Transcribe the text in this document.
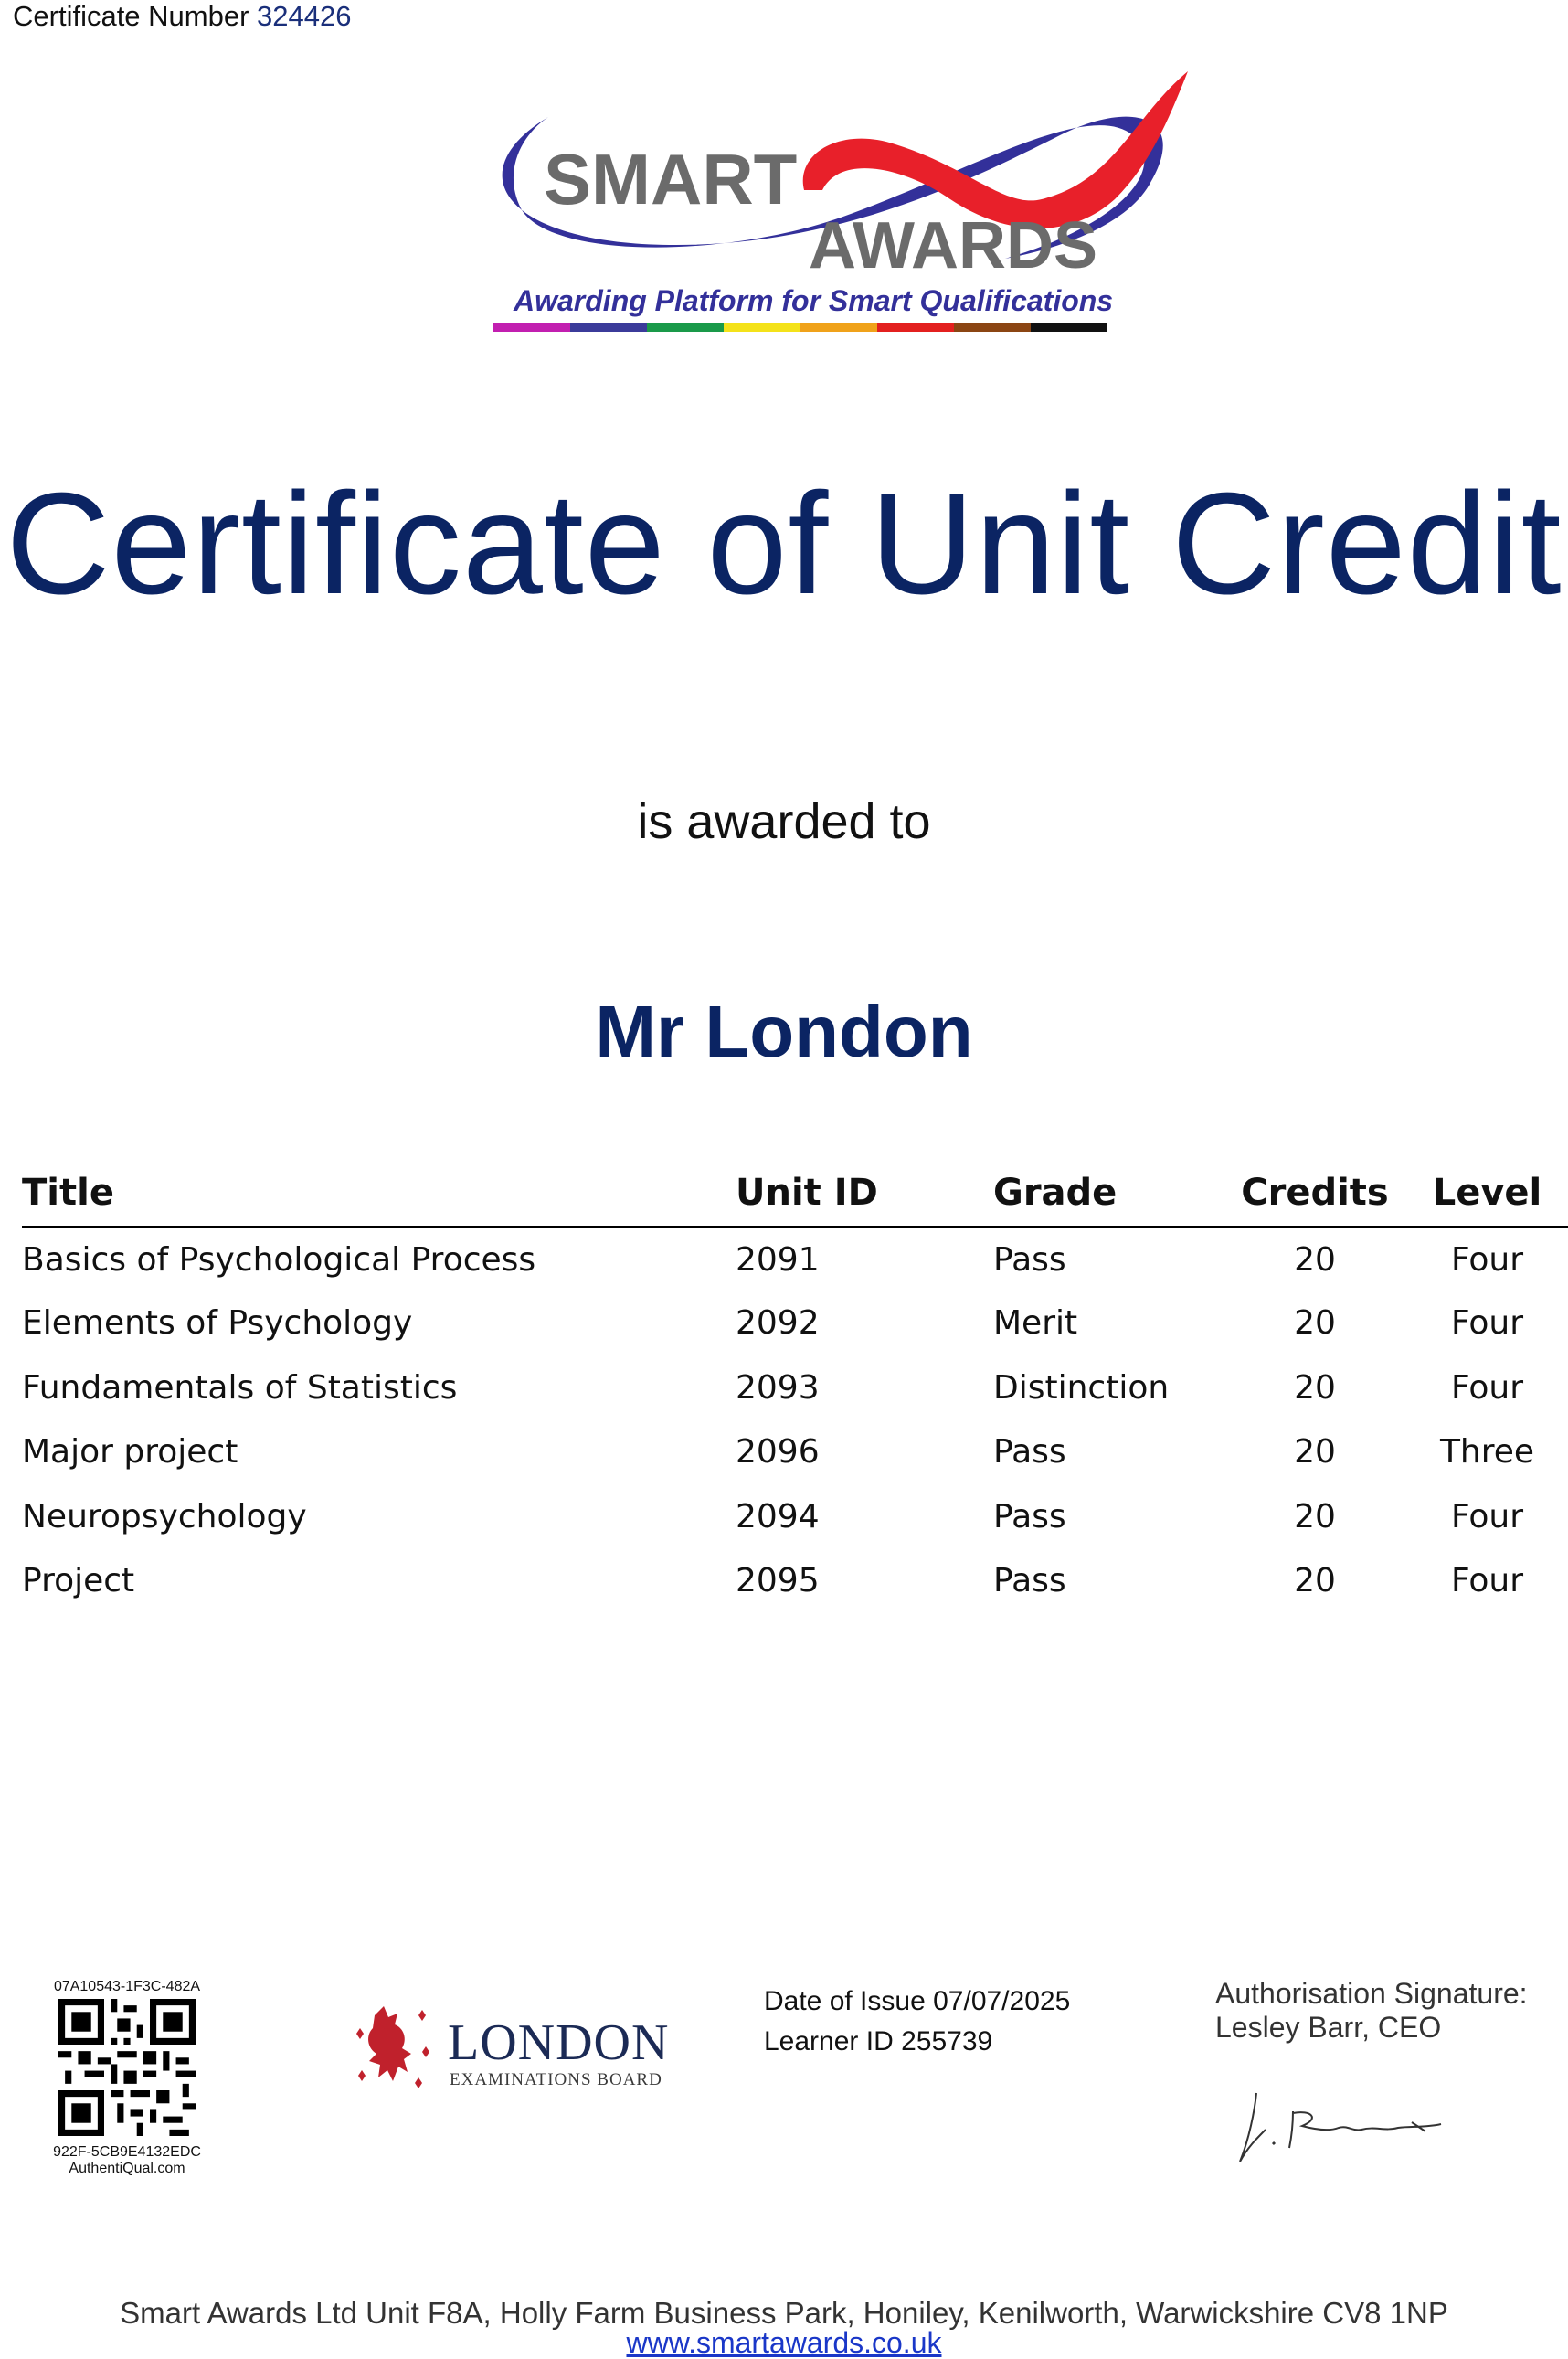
Certificate Number 324426
SMART
AWARDS
Awarding Platform for Smart Qualifications
Certificate of Unit Credit
is awarded to
Mr London
Title	Unit ID	Grade	Credits	Level
Basics of Psychological Process	2091	Pass	20	Four
Elements of Psychology	2092	Merit	20	Four
Fundamentals of Statistics	2093	Distinction	20	Four
Major project	2096	Pass	20	Three
Neuropsychology	2094	Pass	20	Four
Project	2095	Pass	20	Four
07A10543-1F3C-482A
922F-5CB9E4132EDC
AuthentiQual.com
LONDON
EXAMINATIONS BOARD
Date of Issue 07/07/2025
Learner ID 255739
Authorisation Signature:
Lesley Barr, CEO
Smart Awards Ltd Unit F8A, Holly Farm Business Park, Honiley, Kenilworth, Warwickshire CV8 1NP
www.smartawards.co.uk
